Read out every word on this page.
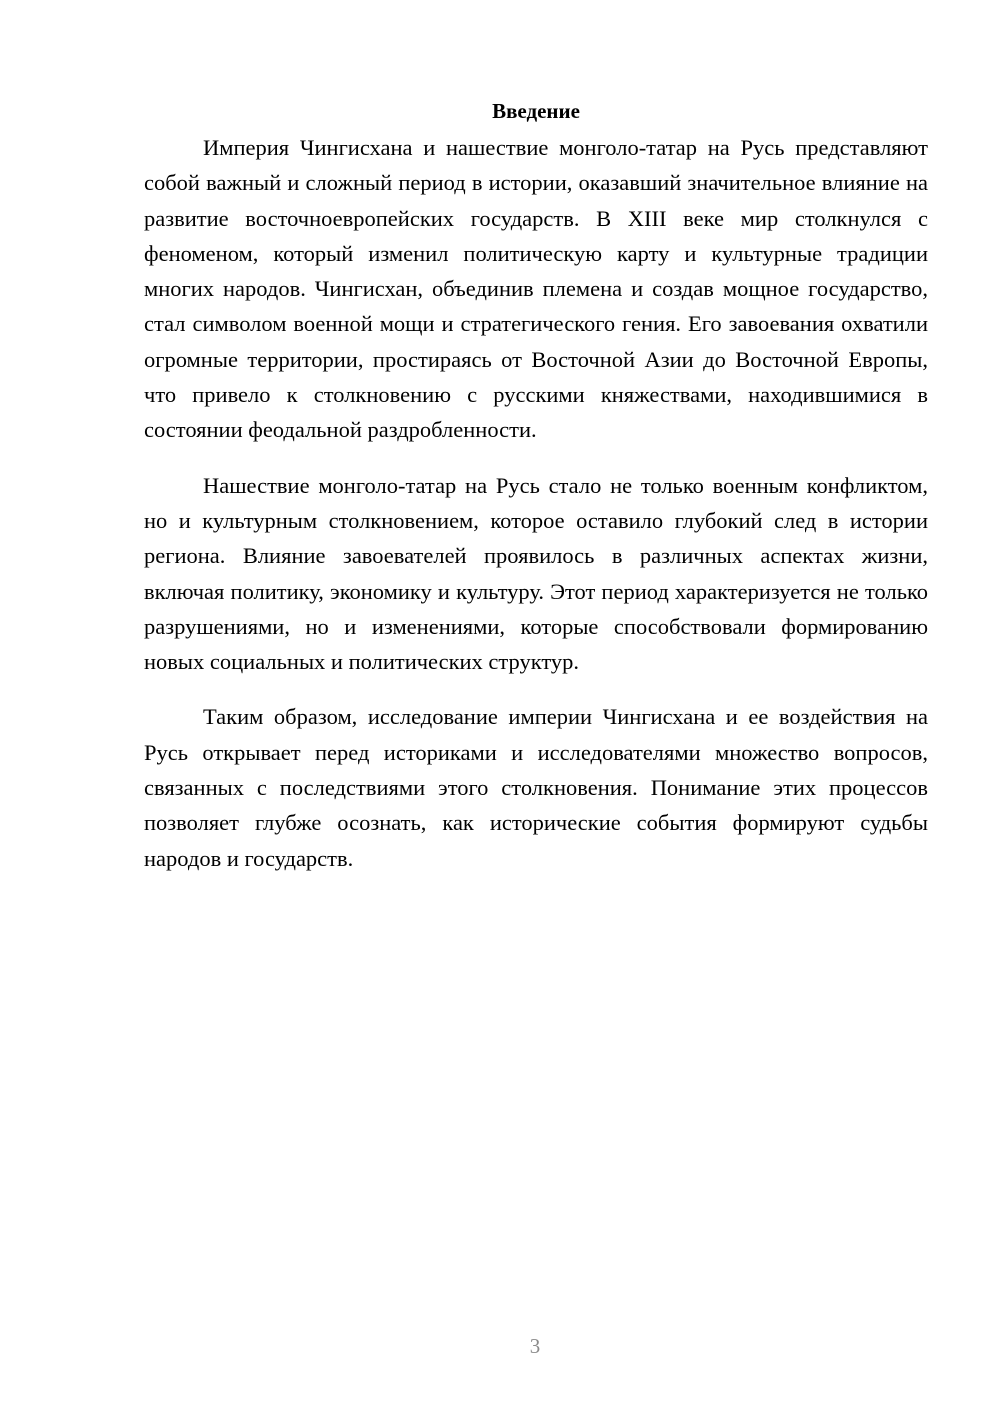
Введение

Империя Чингисхана и нашествие монголо-татар на Русь представляют собой важный и сложный период в истории, оказавший значительное влияние на развитие восточноевропейских государств. В XIII веке мир столкнулся с феноменом, который изменил политическую карту и культурные традиции многих народов. Чингисхан, объединив племена и создав мощное государство, стал символом военной мощи и стратегического гения. Его завоевания охватили огромные территории, простираясь от Восточной Азии до Восточной Европы, что привело к столкновению с русскими княжествами, находившимися в состоянии феодальной раздробленности.

Нашествие монголо-татар на Русь стало не только военным конфликтом, но и культурным столкновением, которое оставило глубокий след в истории региона. Влияние завоевателей проявилось в различных аспектах жизни, включая политику, экономику и культуру. Этот период характеризуется не только разрушениями, но и изменениями, которые способствовали формированию новых социальных и политических структур.

Таким образом, исследование империи Чингисхана и ее воздействия на Русь открывает перед историками и исследователями множество вопросов, связанных с последствиями этого столкновения. Понимание этих процессов позволяет глубже осознать, как исторические события формируют судьбы народов и государств.

3
